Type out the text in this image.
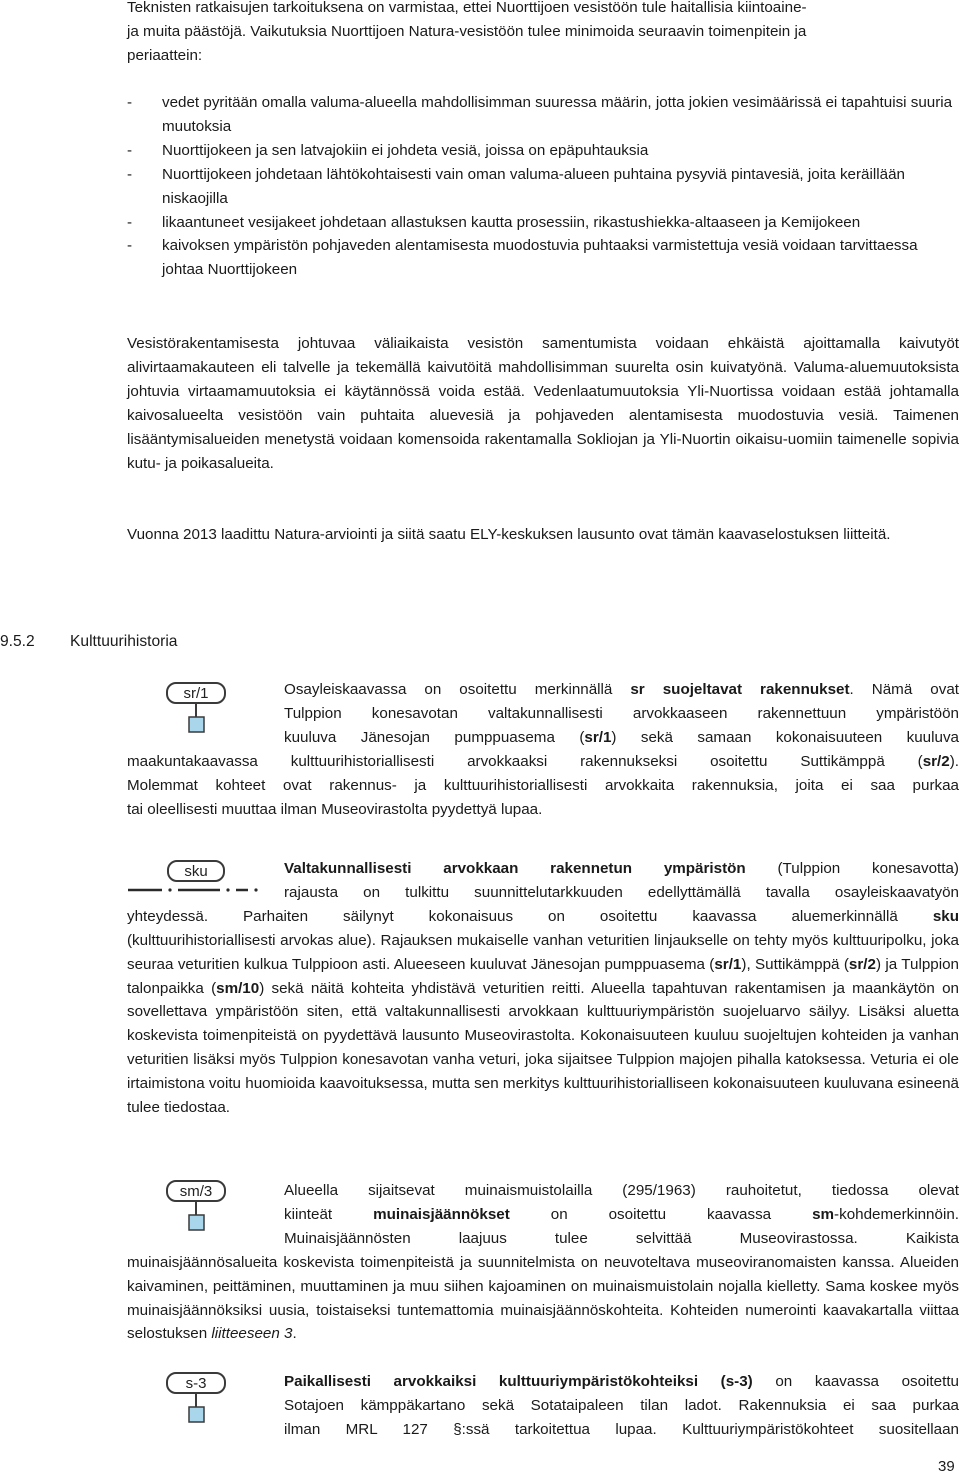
Teknisten ratkaisujen tarkoituksena on varmistaa, ettei Nuorttijoen vesistöön tule haitallisia kiintoaine-
ja muita päästöjä. Vaikutuksia Nuorttijoen Natura-vesistöön tulee minimoida seuraavin toimenpitein ja
periaattein:

- vedet pyritään omalla valuma-alueella mahdollisimman suuressa määrin, jotta jokien vesimäärissä ei tapahtuisi suuria muutoksia
- Nuorttijokeen ja sen latvajokiin ei johdeta vesiä, joissa on epäpuhtauksia
- Nuorttijokeen johdetaan lähtökohtaisesti vain oman valuma-alueen puhtaina pysyviä pintavesiä, joita keräillään niskaojilla
- likaantuneet vesijakeet johdetaan allastuksen kautta prosessiin, rikastushiekka-altaaseen ja Kemijokeen
- kaivoksen ympäristön pohjaveden alentamisesta muodostuvia puhtaaksi varmistettuja vesiä voidaan tarvittaessa johtaa Nuorttijokeen

Vesistörakentamisesta johtuvaa väliaikaista vesistön samentumista voidaan ehkäistä ajoittamalla kaivutyöt alivirtaamakauteen eli talvelle ja tekemällä kaivutöitä mahdollisimman suurelta osin kuivatyönä. Valuma-aluemuutoksista johtuvia virtaamamuutoksia ei käytännössä voida estää. Vedenlaatumuutoksia Yli-Nuortissa voidaan estää johtamalla kaivosalueelta vesistöön vain puhtaita aluevesiä ja pohjaveden alentamisesta muodostuvia vesiä. Taimenen lisääntymisalueiden menetystä voidaan komensoida rakentamalla Sokliojan ja Yli-Nuortin oikaisu-uomiin taimenelle sopivia kutu- ja poikasalueita.

Vuonna 2013 laadittu Natura-arviointi ja siitä saatu ELY-keskuksen lausunto ovat tämän kaavaselostuksen liitteitä.

9.5.2 Kulttuurihistoria
sr/1	Osayleiskaavassa on osoitettu merkinnällä sr suojeltavat rakennukset. Nämä ovat
Tulppion konesavotan valtakunnallisesti arvokkaaseen rakennettuun ympäristöön
kuuluva Jänesojan pumppuasema (sr/1) sekä samaan kokonaisuuteen kuuluva
maakuntakaavassa kulttuurihistoriallisesti arvokkaaksi rakennukseksi osoitettu Suttikämppä (sr/2).
Molemmat kohteet ovat rakennus- ja kulttuurihistoriallisesti arvokkaita rakennuksia, joita ei saa purkaa
tai oleellisesti muuttaa ilman Museovirastolta pyydettyä lupaa.
sku	Valtakunnallisesti arvokkaan rakennetun ympäristön (Tulppion konesavotta)
rajausta on tulkittu suunnittelutarkkuuden edellyttämällä tavalla osayleiskaavatyön
yhteydessä. Parhaiten säilynyt kokonaisuus on osoitettu kaavassa aluemerkinnällä sku
(kulttuurihistoriallisesti arvokas alue). Rajauksen mukaiselle vanhan veturitien linjaukselle on tehty myös kulttuuripolku, joka seuraa veturitien kulkua Tulppioon asti. Alueeseen kuuluvat Jänesojan pumppuasema (sr/1), Suttikämppä (sr/2) ja Tulppion talonpaikka (sm/10) sekä näitä kohteita yhdistävä veturitien reitti. Alueella tapahtuvan rakentamisen ja maankäytön on sovellettava ympäristöön siten, että valtakunnallisesti arvokkaan kulttuuriympäristön suojeluarvo säilyy. Lisäksi aluetta koskevista toimenpiteistä on pyydettävä lausunto Museovirastolta. Kokonaisuuteen kuuluu suojeltujen kohteiden ja vanhan veturitien lisäksi myös Tulppion konesavotan vanha veturi, joka sijaitsee Tulppion majojen pihalla katoksessa. Veturia ei ole irtaimistona voitu huomioida kaavoituksessa, mutta sen merkitys kulttuurihistorialliseen kokonaisuuteen kuuluvana esineenä tulee tiedostaa.
sm/3	Alueella sijaitsevat muinaismuistolailla (295/1963) rauhoitetut, tiedossa olevat
kiinteät muinaisjäännökset on osoitettu kaavassa sm-kohdemerkinnöin.
Muinaisjäännösten laajuus tulee selvittää Museovirastossa. Kaikista
muinaisjäännösalueita koskevista toimenpiteistä ja suunnitelmista on neuvoteltava museoviranomaisten kanssa. Alueiden kaivaminen, peittäminen, muuttaminen ja muu siihen kajoaminen on muinaismuistolain nojalla kielletty. Sama koskee myös muinaisjäännöksiksi uusia, toistaiseksi tuntemattomia muinaisjäännöskohteita. Kohteiden numerointi kaavakartalla viittaa selostuksen liitteeseen 3.
s-3	Paikallisesti arvokkaiksi kulttuuriympäristökohteiksi (s-3) on kaavassa osoitettu
Sotajoen kämppäkartano sekä Sotataipaleen tilan ladot. Rakennuksia ei saa purkaa
ilman MRL 127 §:ssä tarkoitettua lupaa. Kulttuuriympäristökohteet suositellaan
39
